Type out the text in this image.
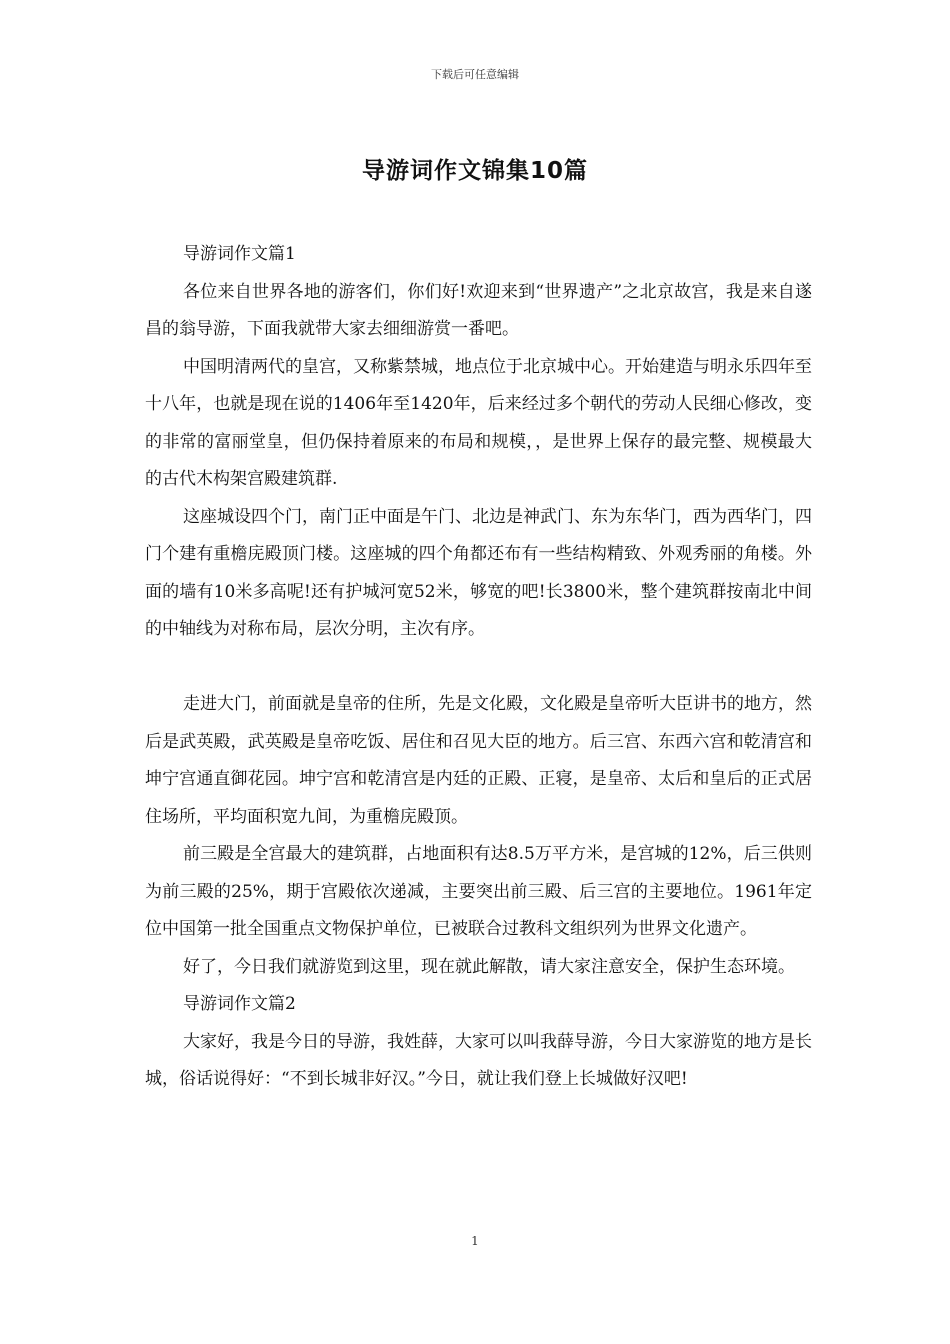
下载后可任意编辑
导游词作文锦集10篇

导游词作文篇1

各位来自世界各地的游客们，你们好!欢迎来到“世界遗产”之北京故宫，我是来自遂昌的翁导游，下面我就带大家去细细游赏一番吧。

中国明清两代的皇宫，又称紫禁城，地点位于北京城中心。开始建造与明永乐四年至十八年，也就是现在说的1406年至1420年，后来经过多个朝代的劳动人民细心修改，变的非常的富丽堂皇，但仍保持着原来的布局和规模，，是世界上保存的最完整、规模最大的古代木构架宫殿建筑群.

这座城设四个门，南门正中面是午门、北边是神武门、东为东华门，西为西华门，四门个建有重檐庑殿顶门楼。这座城的四个角都还布有一些结构精致、外观秀丽的角楼。外面的墙有10米多高呢!还有护城河宽52米，够宽的吧!长3800米，整个建筑群按南北中间的中轴线为对称布局，层次分明，主次有序。

走进大门，前面就是皇帝的住所，先是文化殿，文化殿是皇帝听大臣讲书的地方，然后是武英殿，武英殿是皇帝吃饭、居住和召见大臣的地方。后三宫、东西六宫和乾清宫和坤宁宫通直御花园。坤宁宫和乾清宫是内廷的正殿、正寝，是皇帝、太后和皇后的正式居住场所，平均面积宽九间，为重檐庑殿顶。

前三殿是全宫最大的建筑群，占地面积有达8.5万平方米，是宫城的12%，后三供则为前三殿的25%，期于宫殿依次递减，主要突出前三殿、后三宫的主要地位。1961年定位中国第一批全国重点文物保护单位，已被联合过教科文组织列为世界文化遗产。

好了，今日我们就游览到这里，现在就此解散，请大家注意安全，保护生态环境。

导游词作文篇2

大家好，我是今日的导游，我姓薛，大家可以叫我薛导游，今日大家游览的地方是长城，俗话说得好：“不到长城非好汉。”今日，就让我们登上长城做好汉吧!

1
